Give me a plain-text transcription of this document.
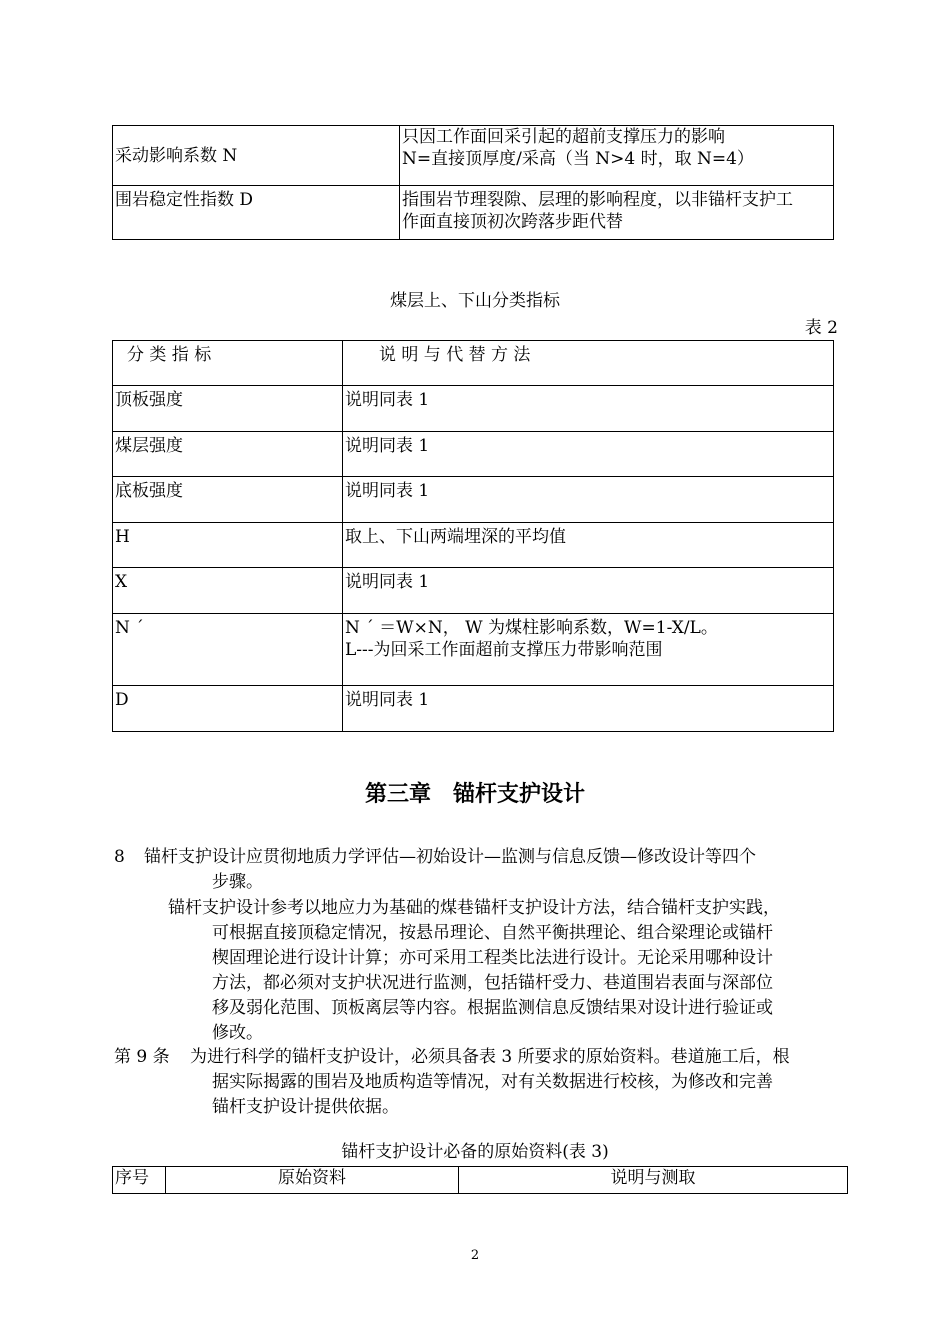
采动影响系数 N	只因工作面回采引起的超前支撑压力的影响
N=直接顶厚度/采高（当 N>4 时，取 N=4）

围岩稳定性指数 D	指围岩节理裂隙、层理的影响程度，以非锚杆支护工
作面直接顶初次跨落步距代替
煤层上、下山分类指标
表 2
分 类 指 标	说 明 与 代 替 方 法
顶板强度	说明同表 1
煤层强度	说明同表 1
底板强度	说明同表 1
H	取上、下山两端埋深的平均值
X	说明同表 1
N ´	N ´ ＝W×N， W 为煤柱影响系数，W=1-X/L。
L---为回采工作面超前支撑压力带影响范围

D	说明同表 1
第三章　锚杆支护设计
8 锚杆支护设计应贯彻地质力学评估—初始设计—监测与信息反馈—修改设计等四个
步骤。
锚杆支护设计参考以地应力为基础的煤巷锚杆支护设计方法，结合锚杆支护实践，
可根据直接顶稳定情况，按悬吊理论、自然平衡拱理论、组合梁理论或锚杆
楔固理论进行设计计算；亦可采用工程类比法进行设计。无论采用哪种设计
方法，都必须对支护状况进行监测，包括锚杆受力、巷道围岩表面与深部位
移及弱化范围、顶板离层等内容。根据监测信息反馈结果对设计进行验证或
修改。
第 9 条 为进行科学的锚杆支护设计，必须具备表 3 所要求的原始资料。巷道施工后，根
据实际揭露的围岩及地质构造等情况，对有关数据进行校核，为修改和完善
锚杆支护设计提供依据。
锚杆支护设计必备的原始资料(表 3)
序号	原始资料	说明与测取
2
